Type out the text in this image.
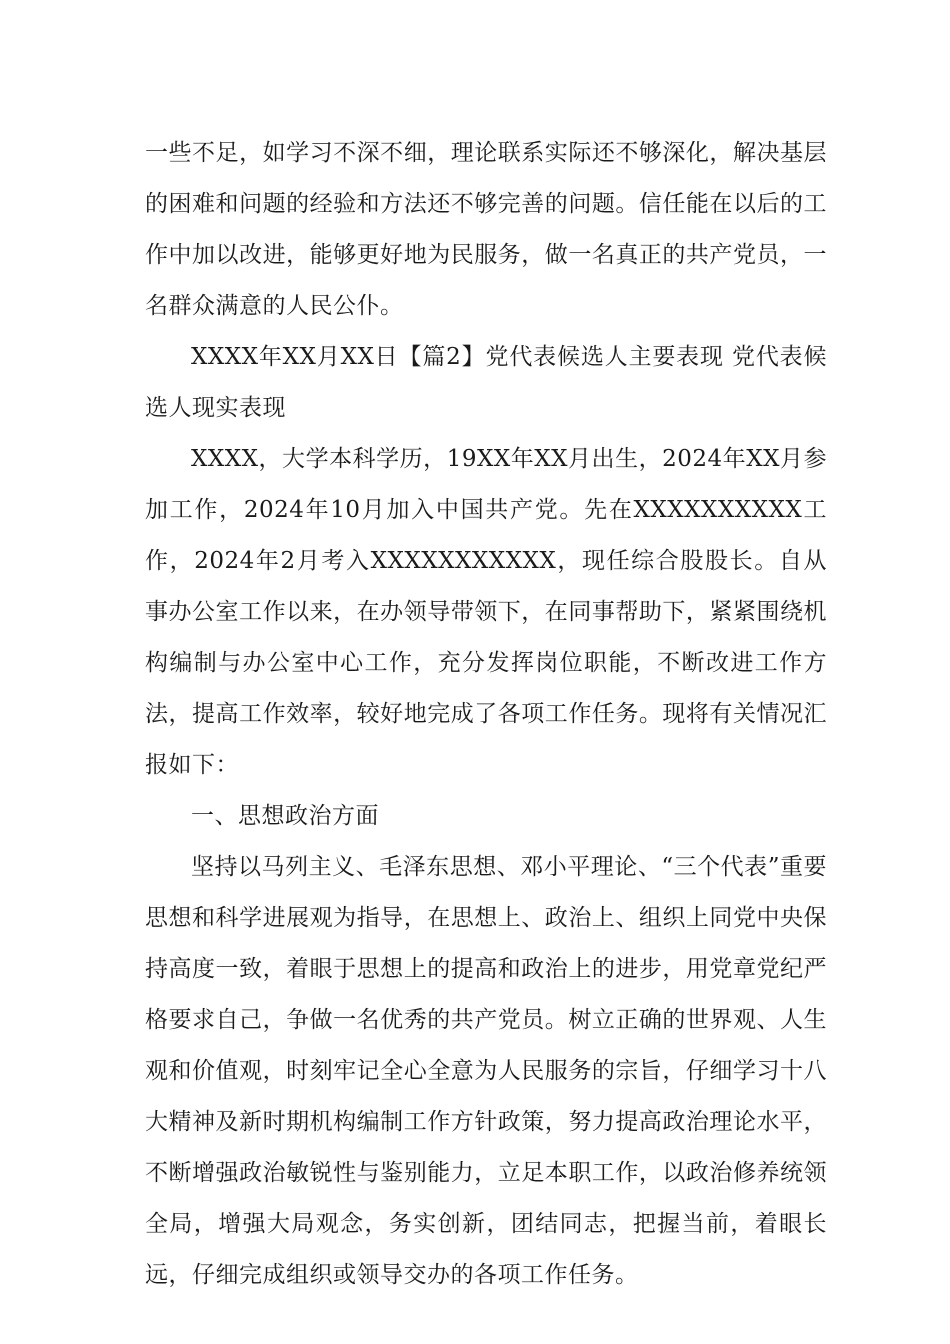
一些不足，如学习不深不细，理论联系实际还不够深化，解决基层的困难和问题的经验和方法还不够完善的问题。信任能在以后的工作中加以改进，能够更好地为民服务，做一名真正的共产党员，一名群众满意的人民公仆。

XXXX年XX月XX日【篇2】党代表候选人主要表现 党代表候选人现实表现

XXXX，大学本科学历，19XX年XX月出生，2024年XX月参加工作，2024年10月加入中国共产党。先在XXXXXXXXXX工作，2024年2月考入XXXXXXXXXXX，现任综合股股长。自从事办公室工作以来，在办领导带领下，在同事帮助下，紧紧围绕机构编制与办公室中心工作，充分发挥岗位职能，不断改进工作方法，提高工作效率，较好地完成了各项工作任务。现将有关情况汇报如下：

一、思想政治方面

坚持以马列主义、毛泽东思想、邓小平理论、“三个代表”重要思想和科学进展观为指导，在思想上、政治上、组织上同党中央保持高度一致，着眼于思想上的提高和政治上的进步，用党章党纪严格要求自己，争做一名优秀的共产党员。树立正确的世界观、人生观和价值观，时刻牢记全心全意为人民服务的宗旨，仔细学习十八大精神及新时期机构编制工作方针政策，努力提高政治理论水平，不断增强政治敏锐性与鉴别能力，立足本职工作，以政治修养统领全局，增强大局观念，务实创新，团结同志，把握当前，着眼长远，仔细完成组织或领导交办的各项工作任务。
